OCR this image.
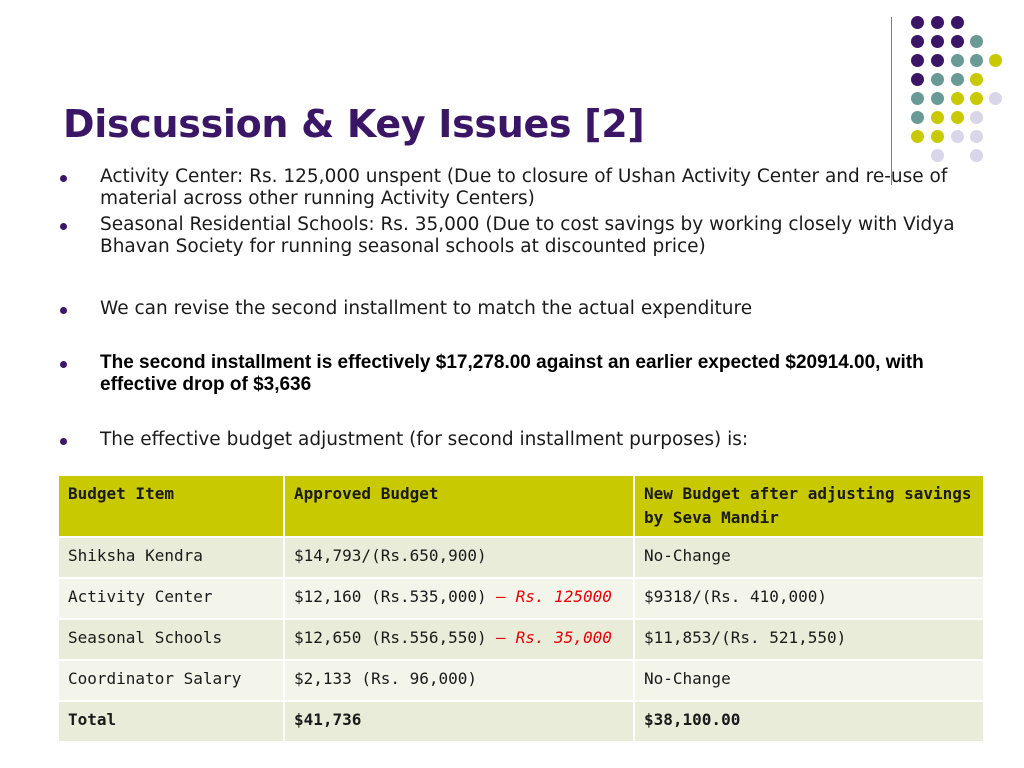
Discussion & Key Issues [2]
Activity Center: Rs. 125,000 unspent (Due to closure of Ushan Activity Center and re-use of material across other running Activity Centers)
Seasonal Residential Schools: Rs. 35,000 (Due to cost savings by working closely with Vidya Bhavan Society for running seasonal schools at discounted price)
We can revise the second installment to match the actual expenditure
The second installment is effectively $17,278.00 against an earlier expected $20914.00, with effective drop of $3,636
The effective budget adjustment (for second installment purposes) is:
Budget Item	Approved Budget	New Budget after adjusting savings by Seva Mandir
Shiksha Kendra	$14,793/(Rs.650,900)	No-Change
Activity Center	$12,160 (Rs.535,000) – Rs. 125000	$9318/(Rs. 410,000)
Seasonal Schools	$12,650 (Rs.556,550) – Rs. 35,000	$11,853/(Rs. 521,550)
Coordinator Salary	$2,133 (Rs. 96,000)	No-Change
Total	$41,736	$38,100.00
